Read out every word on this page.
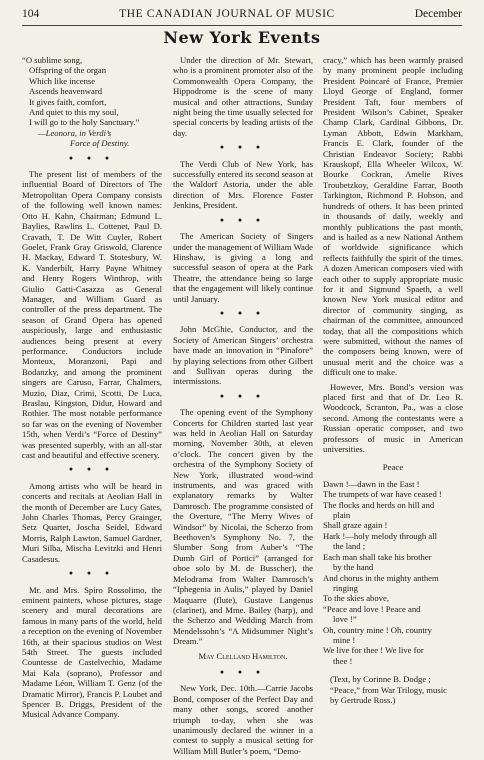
104	THE CANADIAN JOURNAL OF MUSIC	December
New York Events
“O sublime song,
Offspring of the organ
Which like incense
Ascends heavenward
It gives faith, comfort,
And quiet to this my soul,
I will go to the holy Sanctuary.”
—Leonora, in Verdi’s
Force of Destiny.
● ● ●

The present list of members of the influential Board of Directors of The Metropolitan Opera Company consists of the following well known names: Otto H. Kahn, Chairman; Edmund L. Baylies, Rawlins L. Cottenet, Paul D. Cravath, T. De Witt Cuyler, Robert Goelet, Frank Gray Griswold, Clarence H. Mackay, Edward T. Stotesbury, W. K. Vanderbilt, Harry Payne Whitney and Henry Rogers Winthrop, with Giulio Gatti-Casazza as General Manager, and William Guard as controller of the press department. The season of Grand Opera has opened auspiciously, large and enthusiastic audiences being present at every performance. Conductors include Monteux, Moranzoni, Papi and Bodanzky, and among the prominent singers are Caruso, Farrar, Chalmers, Muzio, Diaz, Crimi, Scotti, De Luca, Braslau, Kingston, Didur, Howard and Rothier. The most notable performance so far was on the evening of November 15th, when Verdi’s “Force of Destiny” was presented superbly, with an all-star cast and beautiful and effective scenery.

● ● ●

Among artists who will be heard in concerts and recitals at Aeolian Hall in the month of December are Lucy Gates, John Charles Thomas, Percy Grainger, Setz Quartet, Joscha Seidel, Edward Morris, Ralph Lawton, Samuel Gardner, Muri Silba, Mischa Levitzki and Henri Casadesus.

● ● ●

Mr. and Mrs. Spiro Rossolimo, the eminent painters, whose pictures, stage scenery and mural decorations are famous in many parts of the world, held a reception on the evening of November 16th, at their spacious studios on West 54th Street. The guests included Countesse de Castelvechio, Madame Mai Kala (soprano), Professor and Madame Léon, William T. Genz (of the Dramatic Mirror), Francis P. Loubet and Spencer B. Driggs, President of the Musical Advance Company.

Under the direction of Mr. Stewart, who is a prominent promoter also of the Commonwealth Opera Company, the Hippodrome is the scene of many musical and other attractions, Sunday night being the time usually selected for special concerts by leading artists of the day.

● ● ●

The Verdi Club of New York, has successfully entered its second season at the Waldorf Astoria, under the able direction of Mrs. Florence Foster Jenkins, President.

● ● ●

The American Society of Singers under the management of William Wade Hinshaw, is giving a long and successful season of opera at the Park Theatre, the attendance being so large that the engagement will likely continue until January.

● ● ●

John McGhie, Conductor, and the Society of American Singers’ orchestra have made an innovation in “Pinafore” by playing selections from other Gilbert and Sullivan operas during the intermissions.

● ● ●

The opening event of the Symphony Concerts for Children started last year was held in Aeolian Hall on Saturday morning, November 30th, at eleven o’clock. The concert given by the orchestra of the Symphony Society of New York, illustrated wood-wind instruments, and was graced with explanatory remarks by Walter Damrosch. The programme consisted of the Overture, “The Merry Wives of Windsor” by Nicolai, the Scherzo from Beethoven’s Symphony No. 7, the Slumber Song from Auber’s “The Dumb Girl of Portici” (arranged for oboe solo by M. de Busscher), the Melodrama from Walter Damrosch’s “Iphegenia in Aulis,” played by Daniel Maquarre (flute), Gustave Langenus (clarinet), and Mme. Bailey (harp), and the Scherzo and Wedding March from Mendelssohn’s “A Midsummer Night’s Dream.”

May Clelland Hamilton.
● ● ●

New York, Dec. 10th.—Carrie Jacobs Bond, composer of the Perfect Day and many other songs, scored another triumph to-day, when she was unanimously declared the winner in a contest to supply a musical setting for William Mill Butler’s poem, “Demo-

cracy,” which has been warmly praised by many prominent people including President Poincaré of France, Premier Lloyd George of England, former President Taft, four members of President Wilson’s Cabinet, Speaker Champ Clark, Cardinal Gibbons, Dr. Lyman Abbott, Edwin Markham, Francis E. Clark, founder of the Christian Endeavor Society; Rabbi Krauskopf, Ella Wheeler Wilcox, W. Bourke Cockran, Amelie Rives Troubetzkoy, Geraldine Farrar, Booth Tarkington, Richmond P. Hobson, and hundreds of others. It has been printed in thousands of daily, weekly and monthly publications the past month, and is hailed as a new National Anthem of worldwide significance which reflects faithfully the spirit of the times. A dozen American composers vied with each other to supply appropriate music for it and Sigmund Spaeth, a well known New York musical editor and director of community singing, as chairman of the committee, announced today, that all the compositions which were submitted, without the names of the composers being known, were of unusual merit and the choice was a difficult one to make.

However, Mrs. Bond’s version was placed first and that of Dr. Leo R. Woodcock, Scranton, Pa., was a close second. Among the contestants were a Russian operatic composer, and two professors of music in American universities.

Peace
Dawn !—dawn in the East !
The trumpets of war have ceased !
The flocks and herds on hill and
plain
Shall graze again !
Hark !—holy melody through all
the land ;
Each man shall take his brother
by the hand
And chorus in the mighty anthem
ringing
To the skies above,
“Peace and love ! Peace and
love !”
Oh, country mine ! Oh, country
mine !
We live for thee ! We live for
thee !
(Text, by Corinne B. Dodge ;
“Peace,” from War Trilogy, music
by Gertrude Ross.)
